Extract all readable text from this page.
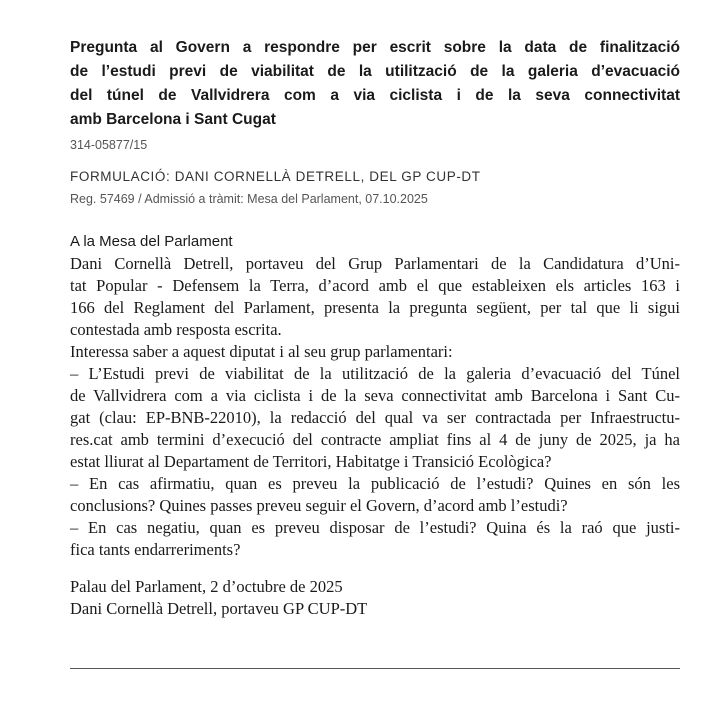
Pregunta al Govern a respondre per escrit sobre la data de finalització
de l’estudi previ de viabilitat de la utilització de la galeria d’evacuació
del túnel de Vallvidrera com a via ciclista i de la seva connectivitat
amb Barcelona i Sant Cugat
314-05877/15
FORMULACIÓ: DANI CORNELLÀ DETRELL, DEL GP CUP-DT
Reg. 57469 / Admissió a tràmit: Mesa del Parlament, 07.10.2025
A la Mesa del Parlament
Dani Cornellà Detrell, portaveu del Grup Parlamentari de la Candidatura d’Uni-
tat Popular - Defensem la Terra, d’acord amb el que estableixen els articles 163 i
166 del Reglament del Parlament, presenta la pregunta següent, per tal que li sigui
contestada amb resposta escrita.
Interessa saber a aquest diputat i al seu grup parlamentari:
– L’Estudi previ de viabilitat de la utilització de la galeria d’evacuació del Túnel
de Vallvidrera com a via ciclista i de la seva connectivitat amb Barcelona i Sant Cu-
gat (clau: EP-BNB-22010), la redacció del qual va ser contractada per Infraestructu-
res.cat amb termini d’execució del contracte ampliat fins al 4 de juny de 2025, ja ha
estat lliurat al Departament de Territori, Habitatge i Transició Ecològica?
– En cas afirmatiu, quan es preveu la publicació de l’estudi? Quines en són les
conclusions? Quines passes preveu seguir el Govern, d’acord amb l’estudi?
– En cas negatiu, quan es preveu disposar de l’estudi? Quina és la raó que justi-
fica tants endarreriments?
Palau del Parlament, 2 d’octubre de 2025
Dani Cornellà Detrell, portaveu GP CUP-DT
